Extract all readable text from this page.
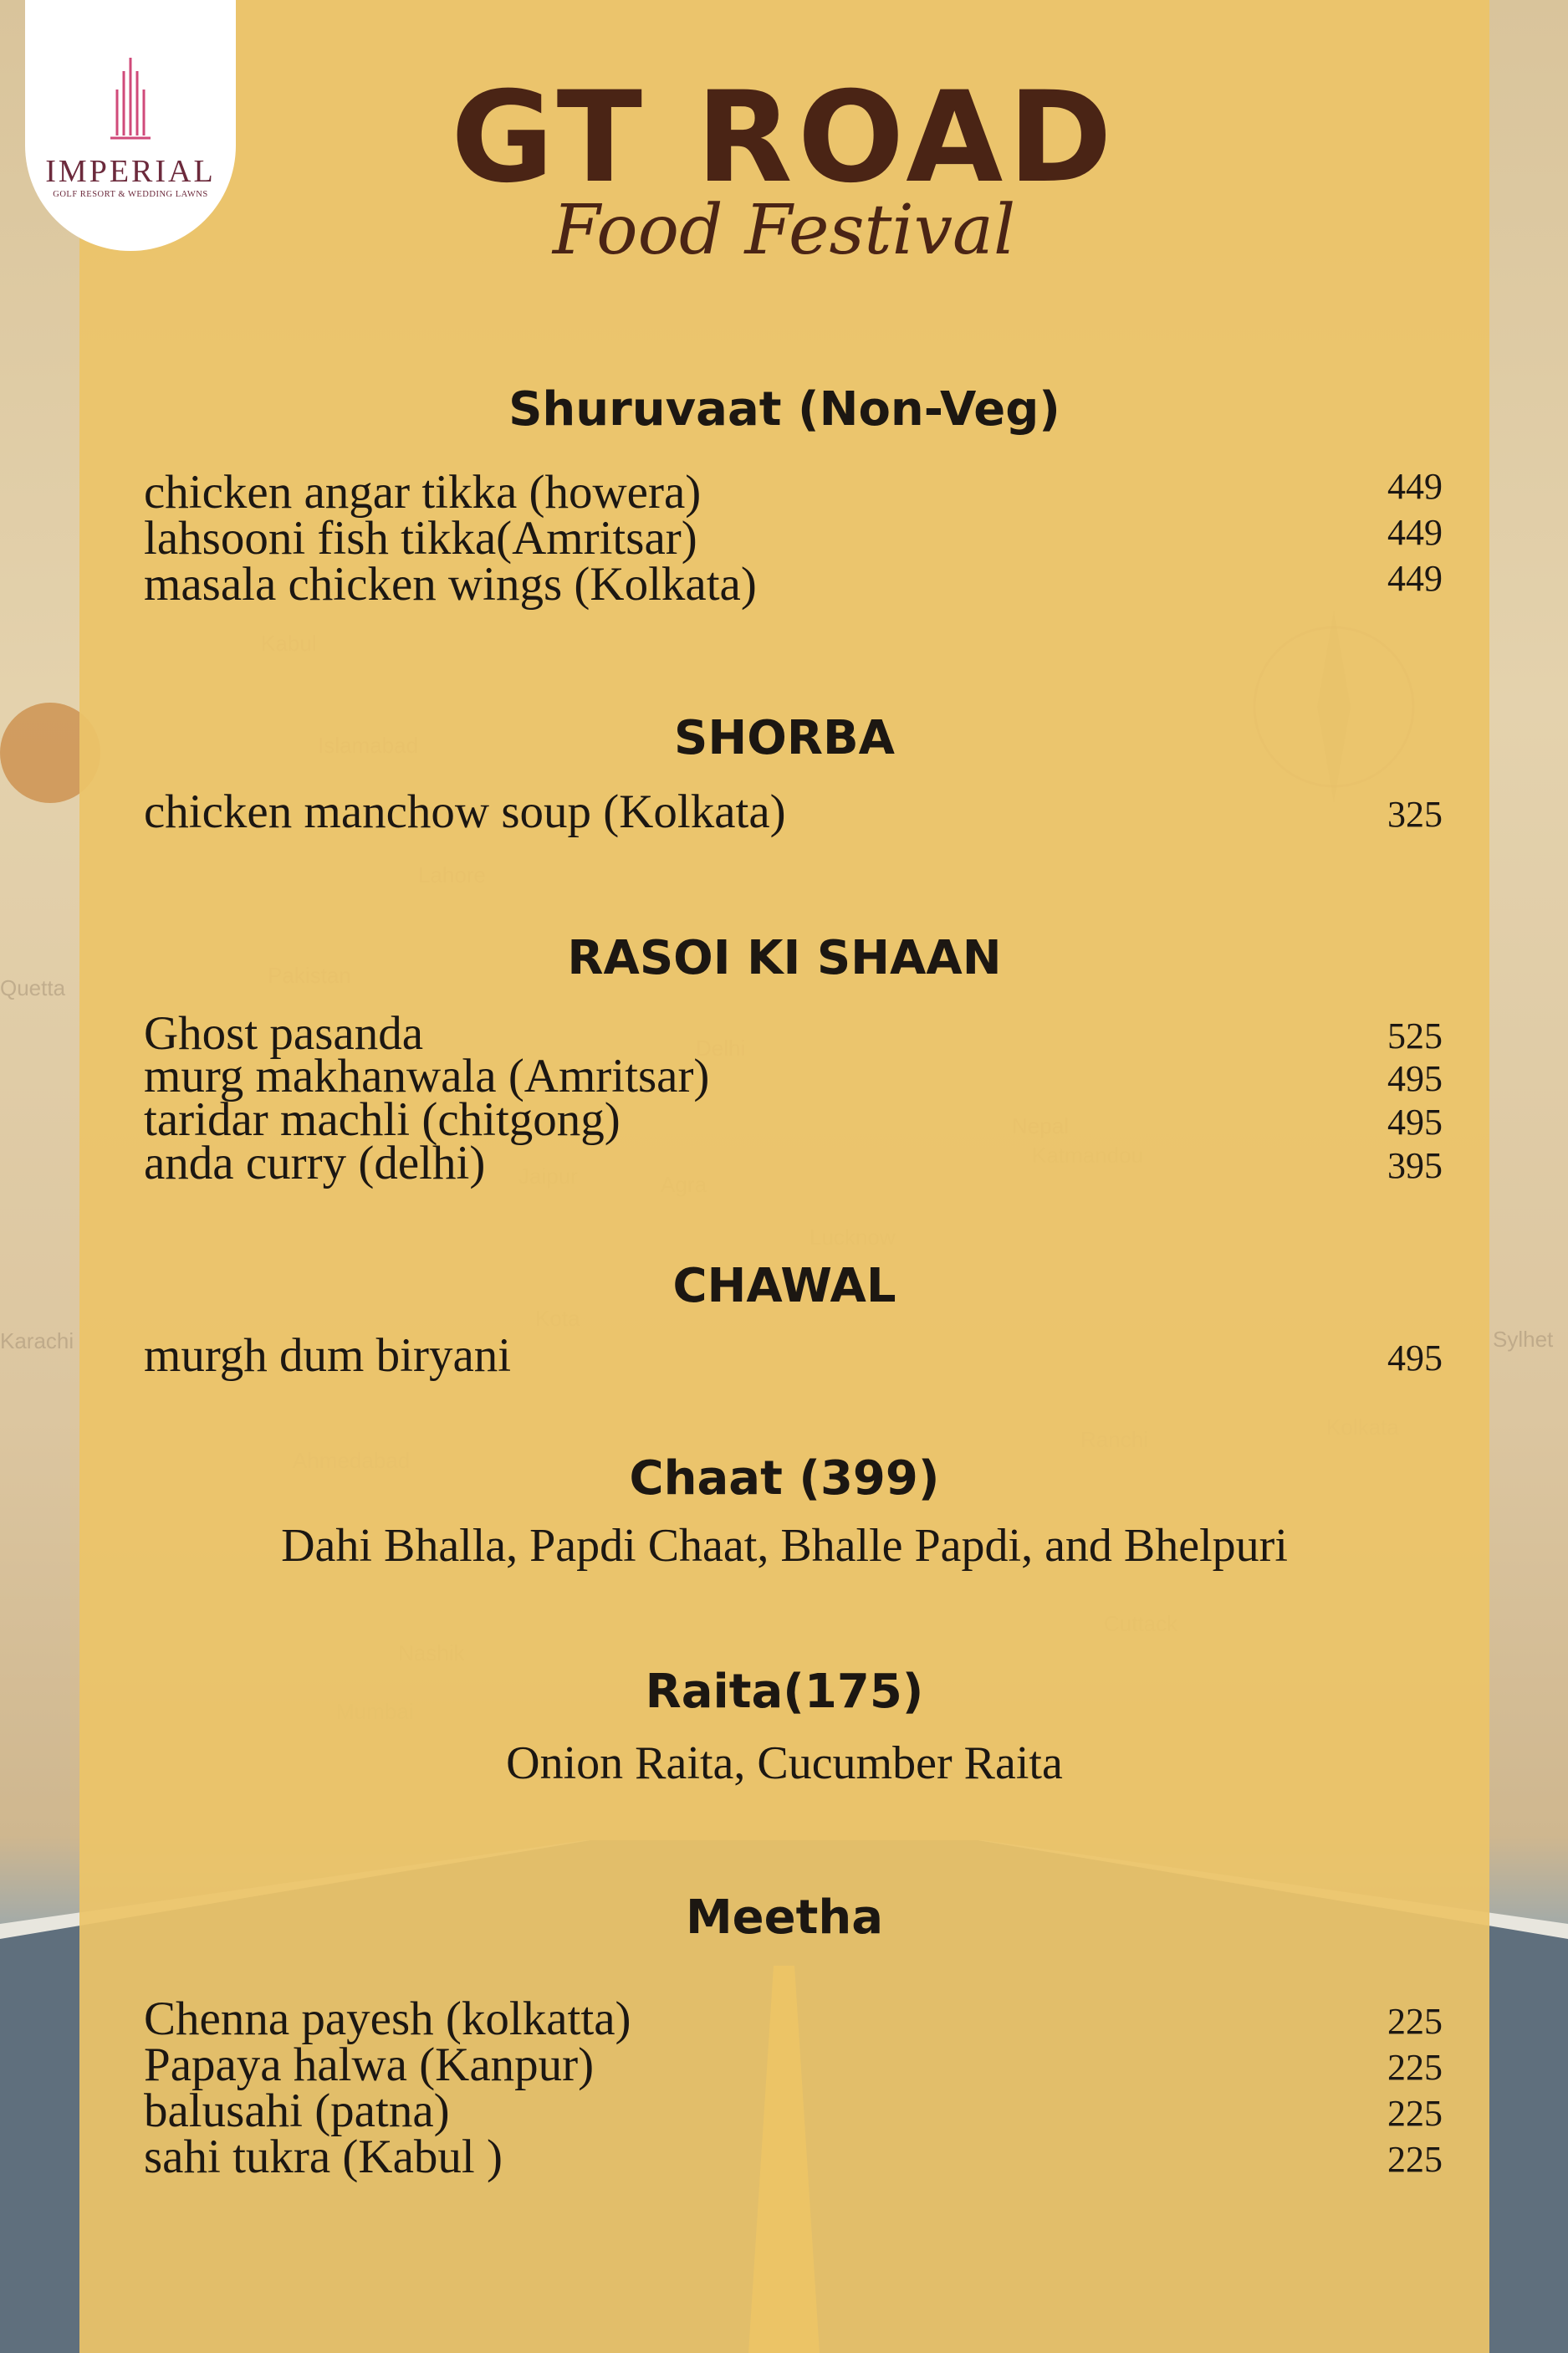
Quetta
Karachi	Sylhet
IMPERIAL
GOLF RESORT & WEDDING LAWNS	GT ROAD
Food Festival
Shuruvaat (Non-Veg)
chicken angar tikka (howera)	449
lahsooni fish tikka(Amritsar)	449
masala chicken wings (Kolkata)	449
SHORBA
chicken manchow soup (Kolkata)	325
RASOI KI SHAAN
Ghost pasanda	525
murg makhanwala (Amritsar)	495
taridar machli (chitgong)	495
anda curry (delhi)	395
CHAWAL
murgh dum biryani	495
Chaat (399)
Dahi Bhalla, Papdi Chaat, Bhalle Papdi, and Bhelpuri
Raita(175)
Onion Raita, Cucumber Raita
Meetha
Chenna payesh (kolkatta)	225
Papaya halwa (Kanpur)	225
balusahi (patna)	225
sahi tukra (Kabul )	225
